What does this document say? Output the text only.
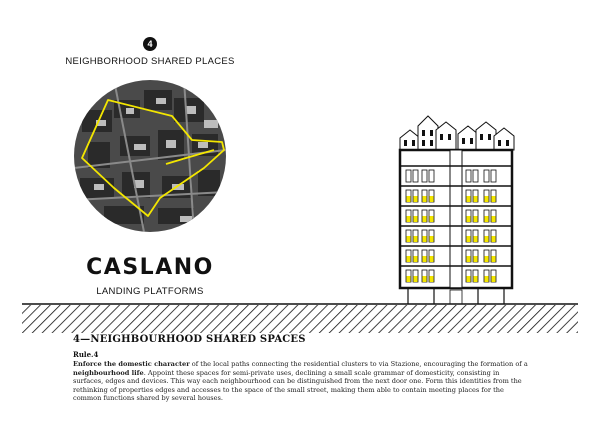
4
NEIGHBORHOOD SHARED PLACES
CASLANO
LANDING PLATFORMS
4—NEIGHBOURHOOD SHARED SPACES
Rule.4
Enforce the domestic character of the local paths connecting the residential clusters to via Stazione, encouraging the formation of a neighbourhood life. Appoint these spaces for semi-private uses, declining a small scale grammar of domesticity, consisting in surfaces, edges and devices. This way each neighbourhood can be distinguished from the next door one. Form this identities from the rethinking of properties edges and accesses to the space of the small street, making them able to contain meeting places for the common functions shared by several houses.
